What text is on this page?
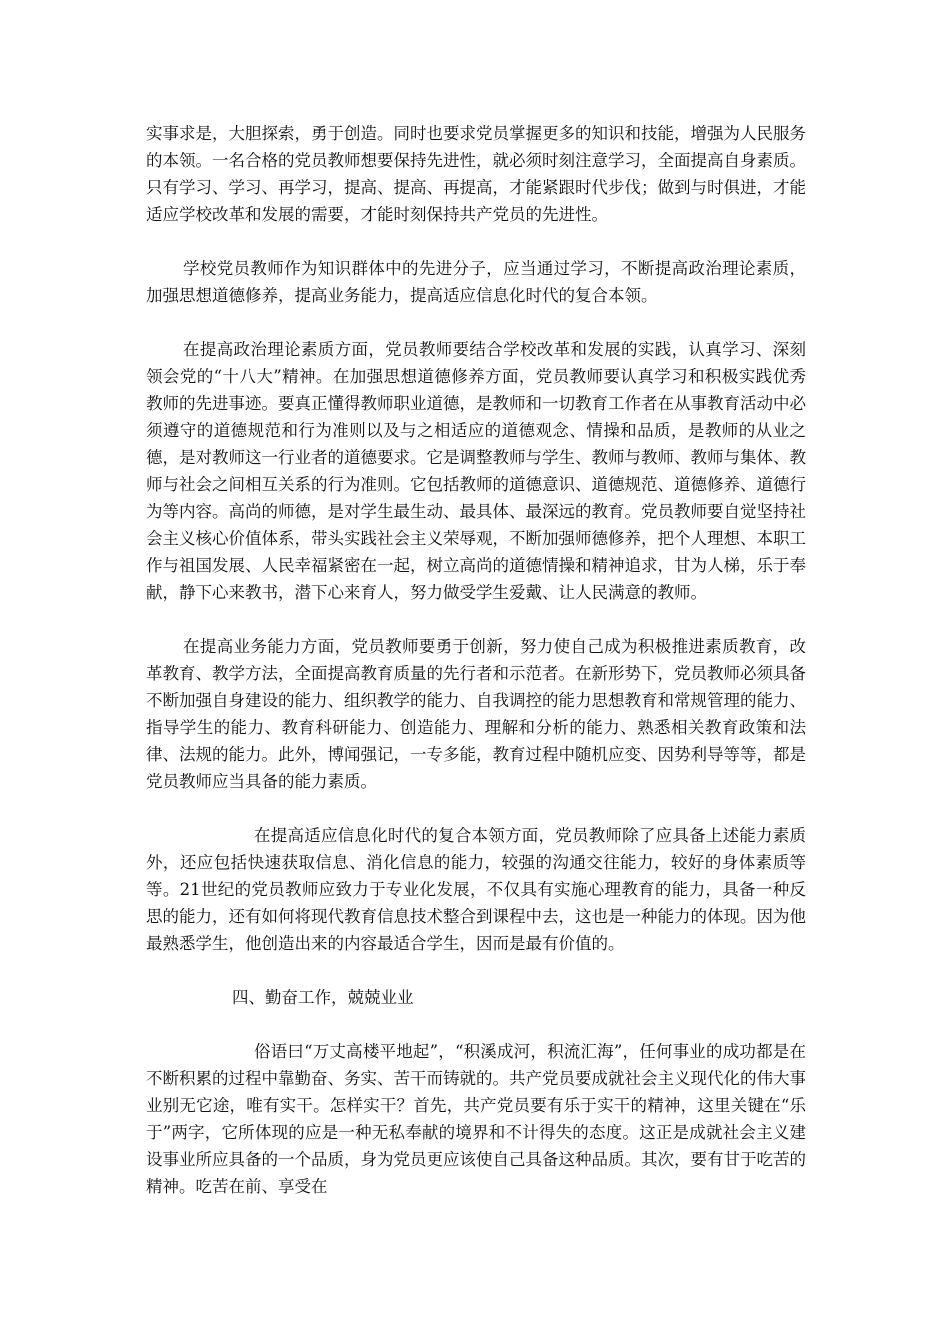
实事求是，大胆探索，勇于创造。同时也要求党员掌握更多的知识和技能，增强为人民服务的本领。一名合格的党员教师想要保持先进性，就必须时刻注意学习，全面提高自身素质。只有学习、学习、再学习，提高、提高、再提高，才能紧跟时代步伐；做到与时俱进，才能适应学校改革和发展的需要，才能时刻保持共产党员的先进性。

学校党员教师作为知识群体中的先进分子，应当通过学习，不断提高政治理论素质，加强思想道德修养，提高业务能力，提高适应信息化时代的复合本领。

在提高政治理论素质方面，党员教师要结合学校改革和发展的实践，认真学习、深刻领会党的“十八大”精神。在加强思想道德修养方面，党员教师要认真学习和积极实践优秀教师的先进事迹。要真正懂得教师职业道德，是教师和一切教育工作者在从事教育活动中必须遵守的道德规范和行为准则以及与之相适应的道德观念、情操和品质，是教师的从业之德，是对教师这一行业者的道德要求。它是调整教师与学生、教师与教师、教师与集体、教师与社会之间相互关系的行为准则。它包括教师的道德意识、道德规范、道德修养、道德行为等内容。高尚的师德，是对学生最生动、最具体、最深远的教育。党员教师要自觉坚持社会主义核心价值体系，带头实践社会主义荣辱观，不断加强师德修养，把个人理想、本职工作与祖国发展、人民幸福紧密在一起，树立高尚的道德情操和精神追求，甘为人梯，乐于奉献，静下心来教书，潜下心来育人，努力做受学生爱戴、让人民满意的教师。

在提高业务能力方面，党员教师要勇于创新，努力使自己成为积极推进素质教育，改革教育、教学方法，全面提高教育质量的先行者和示范者。在新形势下，党员教师必须具备不断加强自身建设的能力、组织教学的能力、自我调控的能力思想教育和常规管理的能力、指导学生的能力、教育科研能力、创造能力、理解和分析的能力、熟悉相关教育政策和法律、法规的能力。此外，博闻强记，一专多能，教育过程中随机应变、因势利导等等，都是党员教师应当具备的能力素质。

在提高适应信息化时代的复合本领方面，党员教师除了应具备上述能力素质外，还应包括快速获取信息、消化信息的能力，较强的沟通交往能力，较好的身体素质等等。21世纪的党员教师应致力于专业化发展，不仅具有实施心理教育的能力，具备一种反思的能力，还有如何将现代教育信息技术整合到课程中去，这也是一种能力的体现。因为他最熟悉学生，他创造出来的内容最适合学生，因而是最有价值的。

四、勤奋工作，兢兢业业

俗语曰“万丈高楼平地起”，“积溪成河，积流汇海”，任何事业的成功都是在不断积累的过程中靠勤奋、务实、苦干而铸就的。共产党员要成就社会主义现代化的伟大事业别无它途，唯有实干。怎样实干？首先，共产党员要有乐于实干的精神，这里关键在“乐于”两字，它所体现的应是一种无私奉献的境界和不计得失的态度。这正是成就社会主义建设事业所应具备的一个品质，身为党员更应该使自己具备这种品质。其次，要有甘于吃苦的精神。吃苦在前、享受在
